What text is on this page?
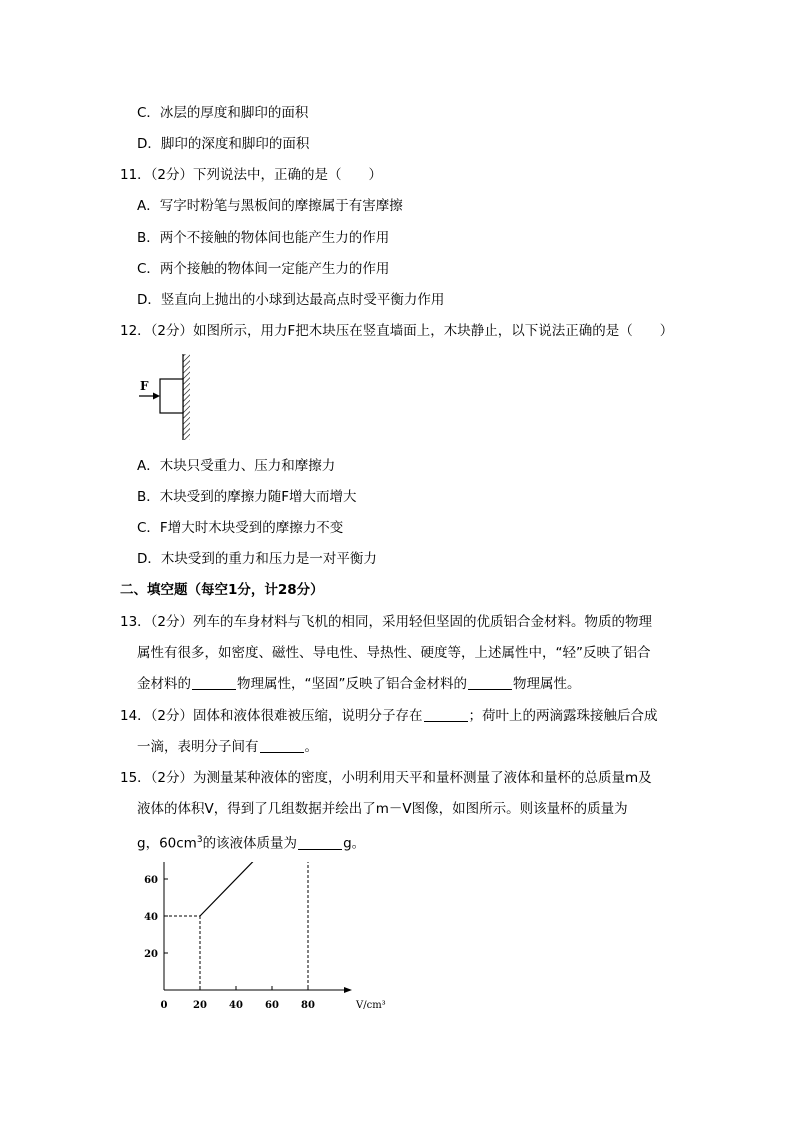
C．冰层的厚度和脚印的面积
D．脚印的深度和脚印的面积
11．（2分）下列说法中，正确的是（　　）
A．写字时粉笔与黑板间的摩擦属于有害摩擦
B．两个不接触的物体间也能产生力的作用
C．两个接触的物体间一定能产生力的作用
D．竖直向上抛出的小球到达最高点时受平衡力作用
12．（2分）如图所示，用力F把木块压在竖直墙面上，木块静止，以下说法正确的是（　　）
F
A．木块只受重力、压力和摩擦力
B．木块受到的摩擦力随F增大而增大
C．F增大时木块受到的摩擦力不变
D．木块受到的重力和压力是一对平衡力
二、填空题（每空1分，计28分）
13．（2分）列车的车身材料与飞机的相同，采用轻但坚固的优质铝合金材料。物质的物理
属性有很多，如密度、磁性、导电性、导热性、硬度等，上述属性中，“轻”反映了铝合
金材料的	物理属性，“坚固”反映了铝合金材料的	物理属性。
14．（2分）固体和液体很难被压缩，说明分子存在	；荷叶上的两滴露珠接触后合成
一滴，表明分子间有	。
15．（2分）为测量某种液体的密度，小明利用天平和量杯测量了液体和量杯的总质量m及
液体的体积V，得到了几组数据并绘出了m－V图像，如图所示。则该量杯的质量为
g，$60cm^3$的该液体质量为	g。
V/cm³
0	20 40 60 80
20
40
60
